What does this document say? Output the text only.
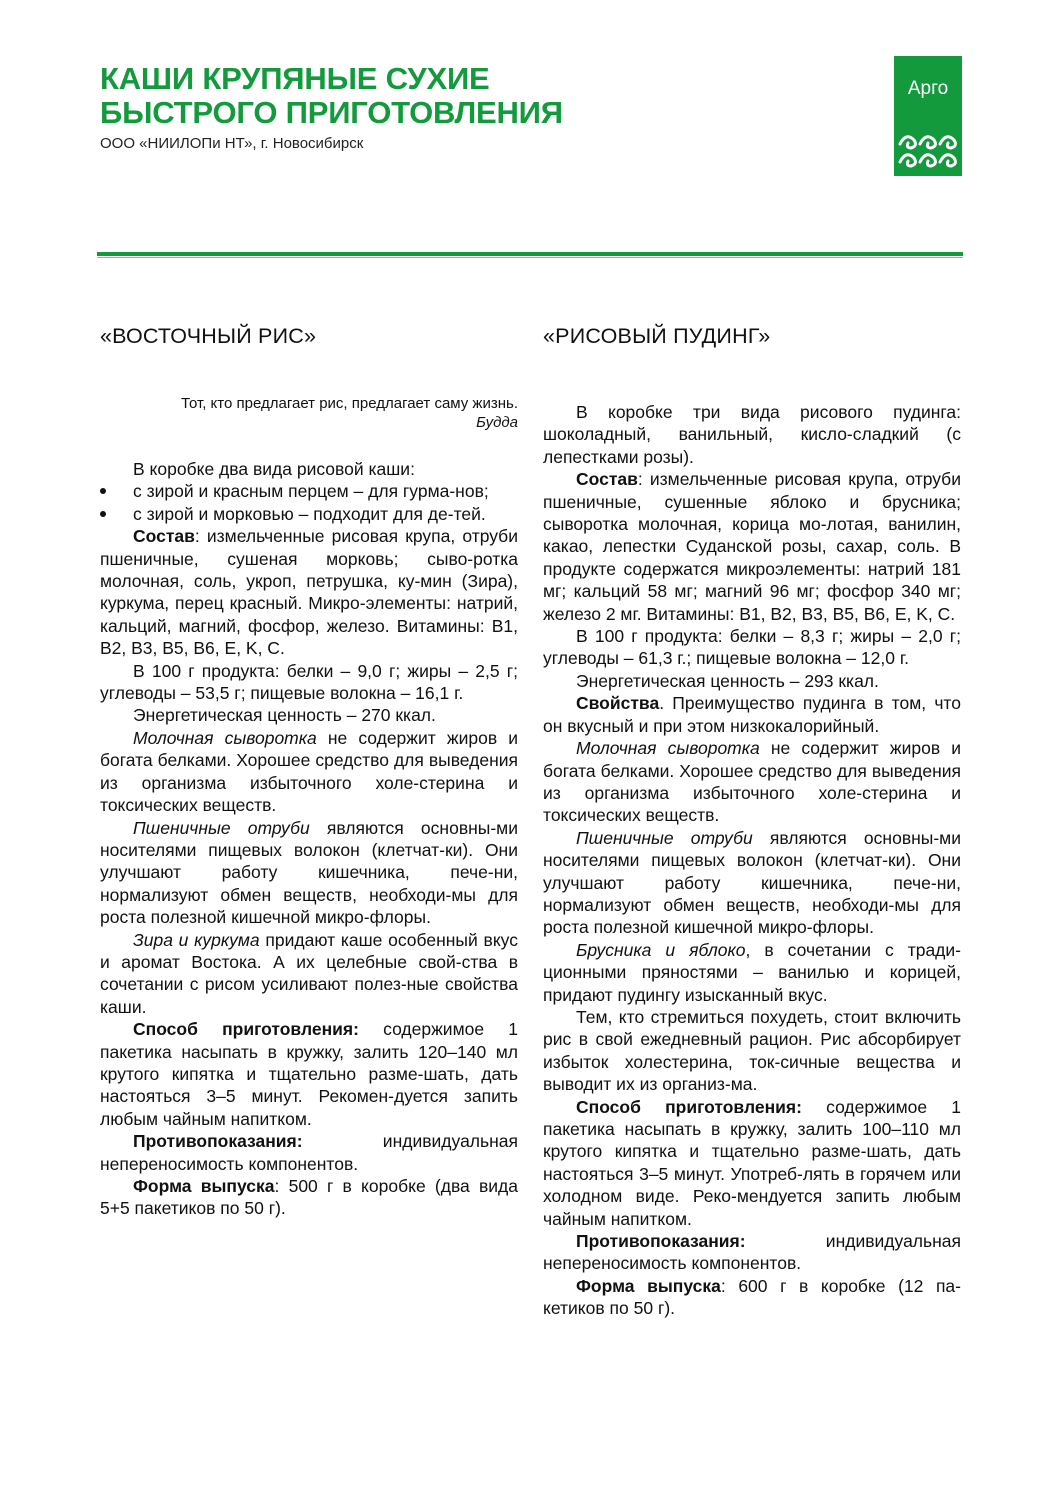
КАШИ КРУПЯНЫЕ СУХИЕ
БЫСТРОГО ПРИГОТОВЛЕНИЯ
ООО «НИИЛОПи НТ», г. Новосибирск
Арго
«ВОСТОЧНЫЙ РИС»
Тот, кто предлагает рис, предлагает саму жизнь.
Будда

В коробке два вида рисовой каши:

с зирой и красным перцем – для гурма-нов;
с зирой и морковью – подходит для де-тей.

Состав: измельченные рисовая крупа, отруби пшеничные, сушеная морковь; сыво-ротка молочная, соль, укроп, петрушка, ку-мин (Зира), куркума, перец красный. Микро-элементы: натрий, кальций, магний, фосфор, железо. Витамины: B1, B2, B3, B5, B6, E, K, C.

В 100 г продукта: белки – 9,0 г; жиры – 2,5 г; углеводы – 53,5 г; пищевые волокна – 16,1 г.

Энергетическая ценность – 270 ккал.

Молочная сыворотка не содержит жиров и богата белками. Хорошее средство для выведения из организма избыточного холе-стерина и токсических веществ.

Пшеничные отруби являются основны-ми носителями пищевых волокон (клетчат-ки). Они улучшают работу кишечника, пече-ни, нормализуют обмен веществ, необходи-мы для роста полезной кишечной микро-флоры.

Зира и куркума придают каше особенный вкус и аромат Востока. А их целебные свой-ства в сочетании с рисом усиливают полез-ные свойства каши.

Способ приготовления: содержимое 1 пакетика насыпать в кружку, залить 120–140 мл крутого кипятка и тщательно разме-шать, дать настояться 3–5 минут. Рекомен-дуется запить любым чайным напитком.

Противопоказания: индивидуальная непереносимость компонентов.

Форма выпуска: 500 г в коробке (два вида 5+5 пакетиков по 50 г).

«РИСОВЫЙ ПУДИНГ»

В коробке три вида рисового пудинга: шоколадный, ванильный, кисло-сладкий (с лепестками розы).

Состав: измельченные рисовая крупа, отруби пшеничные, сушенные яблоко и брусника; сыворотка молочная, корица мо-лотая, ванилин, какао, лепестки Суданской розы, сахар, соль. В продукте содержатся микроэлементы: натрий 181 мг; кальций 58 мг; магний 96 мг; фосфор 340 мг; железо 2 мг. Витамины: B1, B2, B3, B5, B6, E, K, C.

В 100 г продукта: белки – 8,3 г; жиры – 2,0 г; углеводы – 61,3 г.; пищевые волокна – 12,0 г.

Энергетическая ценность – 293 ккал.

Свойства. Преимущество пудинга в том, что он вкусный и при этом низкокалорийный.

Молочная сыворотка не содержит жиров и богата белками. Хорошее средство для выведения из организма избыточного холе-стерина и токсических веществ.

Пшеничные отруби являются основны-ми носителями пищевых волокон (клетчат-ки). Они улучшают работу кишечника, пече-ни, нормализуют обмен веществ, необходи-мы для роста полезной кишечной микро-флоры.

Брусника и яблоко, в сочетании с тради-ционными пряностями – ванилью и корицей, придают пудингу изысканный вкус.

Тем, кто стремиться похудеть, стоит включить рис в свой ежедневный рацион. Рис абсорбирует избыток холестерина, ток-сичные вещества и выводит их из организ-ма.

Способ приготовления: содержимое 1 пакетика насыпать в кружку, залить 100–110 мл крутого кипятка и тщательно разме-шать, дать настояться 3–5 минут. Употреб-лять в горячем или холодном виде. Реко-мендуется запить любым чайным напитком.

Противопоказания: индивидуальная непереносимость компонентов.

Форма выпуска: 600 г в коробке (12 па-кетиков по 50 г).
